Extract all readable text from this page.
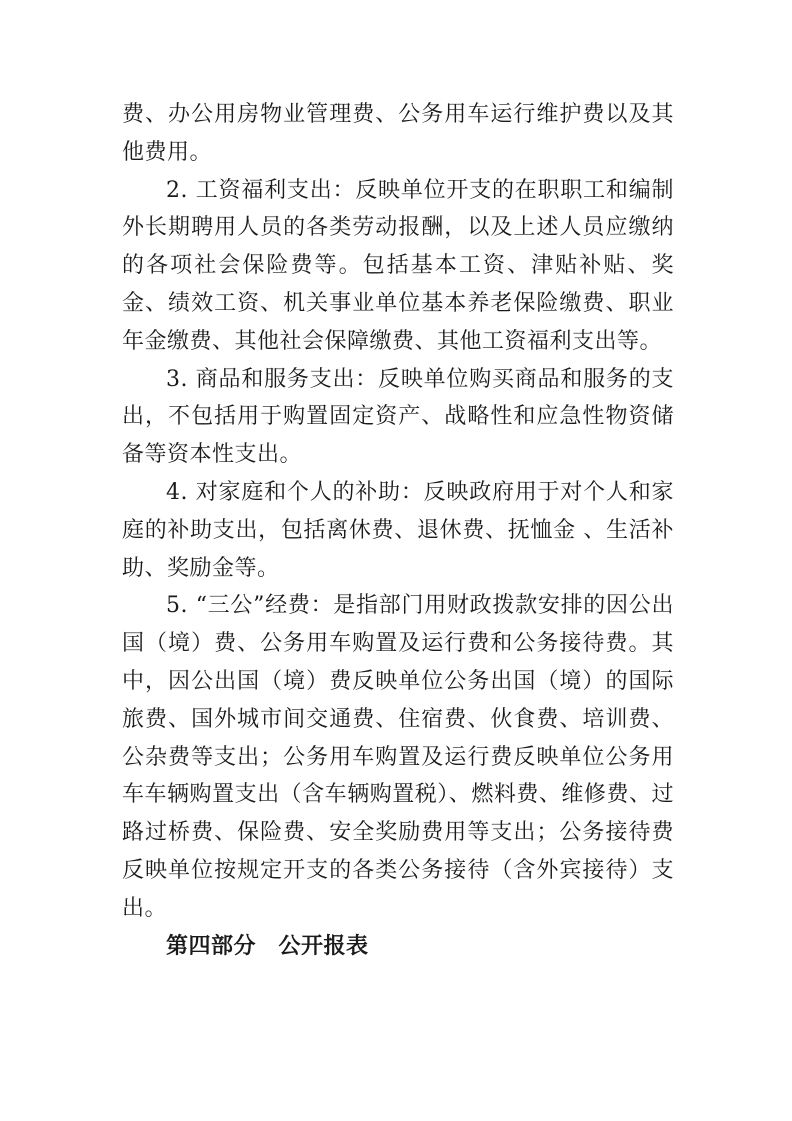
费、办公用房物业管理费、公务用车运行维护费以及其他费用。

2. 工资福利支出：反映单位开支的在职职工和编制外长期聘用人员的各类劳动报酬，以及上述人员应缴纳的各项社会保险费等。包括基本工资、津贴补贴、奖金、绩效工资、机关事业单位基本养老保险缴费、职业年金缴费、其他社会保障缴费、其他工资福利支出等。

3. 商品和服务支出：反映单位购买商品和服务的支出，不包括用于购置固定资产、战略性和应急性物资储备等资本性支出。

4. 对家庭和个人的补助：反映政府用于对个人和家庭的补助支出，包括离休费、退休费、抚恤金 、生活补助、奖励金等。

5. “三公”经费：是指部门用财政拨款安排的因公出国（境）费、公务用车购置及运行费和公务接待费。其中，因公出国（境）费反映单位公务出国（境）的国际旅费、国外城市间交通费、住宿费、伙食费、培训费、公杂费等支出；公务用车购置及运行费反映单位公务用车车辆购置支出（含车辆购置税）、燃料费、维修费、过路过桥费、保险费、安全奖励费用等支出；公务接待费反映单位按规定开支的各类公务接待（含外宾接待）支出。

第四部分　公开报表
